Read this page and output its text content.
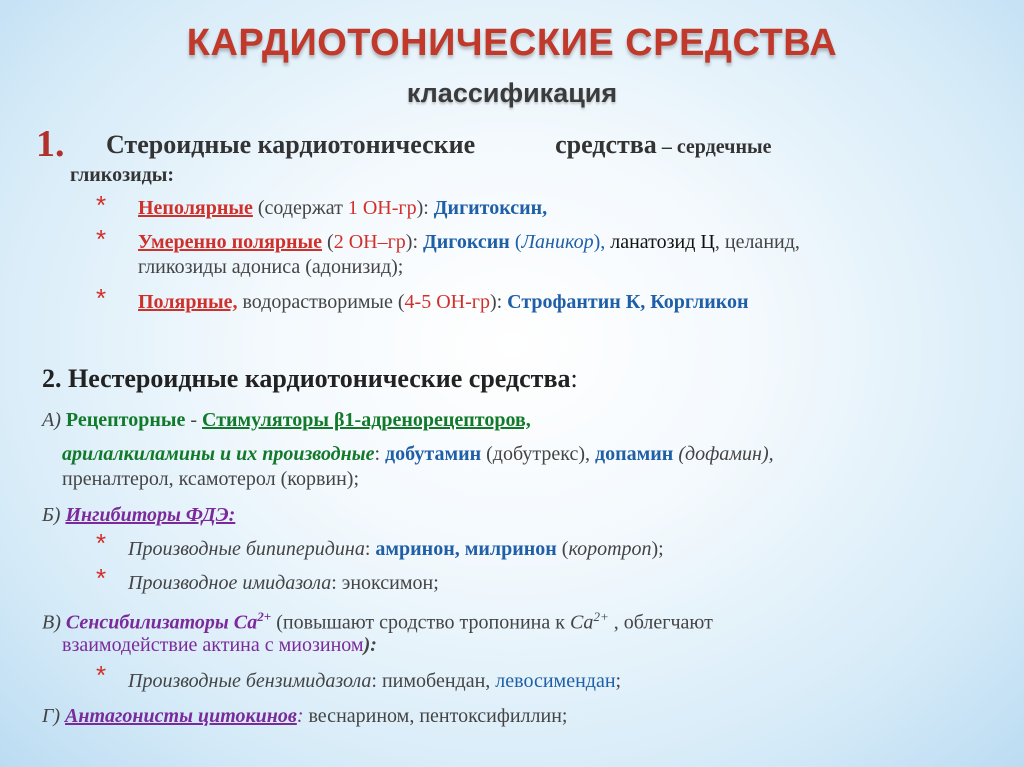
КАРДИОТОНИЧЕСКИЕ СРЕДСТВА
классификация
1. Стероидные кардиотонические	средства – сердечные
гликозиды:
* Неполярные (содержат 1 ОН-гр): Дигитоксин,
* Умеренно полярные (2 ОН–гр): Дигоксин (Ланикор), ланатозид Ц, целанид,
гликозиды адониса (адонизид);
* Полярные, водорастворимые (4-5 ОН-гр): Строфантин К, Коргликон
2. Нестероидные кардиотонические средства:
А) Рецепторные - Стимуляторы β1-адренорецепторов,
арилалкиламины и их производные: добутамин (добутрекс), допамин (дофамин),
преналтерол, ксамотерол (корвин);
Б) Ингибиторы ФДЭ:
* Производные бипиперидина: амринон, милринон (коротроп);
* Производное имидазола: эноксимон;
В) Сенсибилизаторы $Са^{2+}$ (повышают сродство тропонина к $Са^{2+}$ , облегчают
взаимодействие актина с миозином):
* Производные бензимидазола: пимобендан, левосимендан;
Г) Антагонисты цитокинов: веснарином, пентоксифиллин;
